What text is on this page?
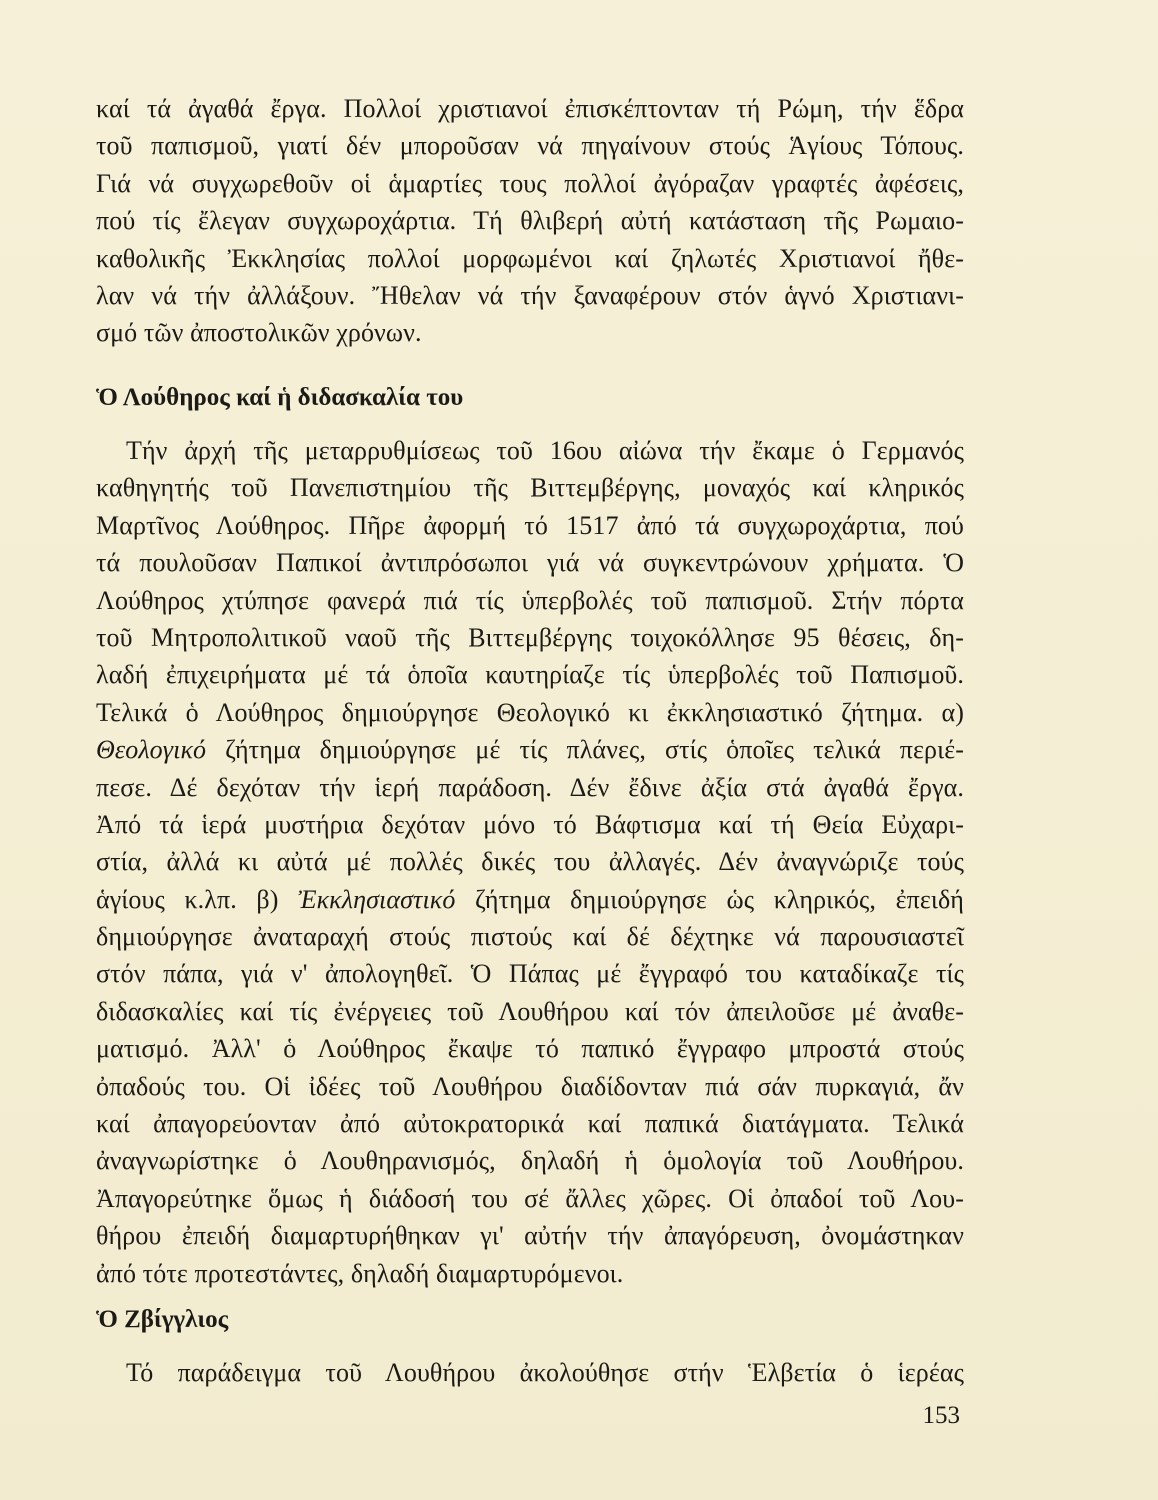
καί τά ἀγαθά ἔργα. Πολλοί χριστιανοί ἐπισκέπτονταν τή Ρώμη, τήν ἕδρα
τοῦ παπισμοῦ, γιατί δέν μποροῦσαν νά πηγαίνουν στούς Ἁγίους Τόπους.
Γιά νά συγχωρεθοῦν οἱ ἁμαρτίες τους πολλοί ἀγόραζαν γραφτές ἀφέσεις,
πού τίς ἔλεγαν συγχωροχάρτια. Τή θλιβερή αὐτή κατάσταση τῆς Ρωμαιο-
καθολικῆς Ἐκκλησίας πολλοί μορφωμένοι καί ζηλωτές Χριστιανοί ἤθε-
λαν νά τήν ἀλλάξουν. Ἤθελαν νά τήν ξαναφέρουν στόν ἁγνό Χριστιανι-
σμό τῶν ἀποστολικῶν χρόνων.
Ὁ Λούθηρος καί ἡ διδασκαλία του
Τήν ἀρχή τῆς μεταρρυθμίσεως τοῦ 16ου αἰώνα τήν ἔκαμε ὁ Γερμανός
καθηγητής τοῦ Πανεπιστημίου τῆς Βιττεμβέργης, μοναχός καί κληρικός
Μαρτῖνος Λούθηρος. Πῆρε ἀφορμή τό 1517 ἀπό τά συγχωροχάρτια, πού
τά πουλοῦσαν Παπικοί ἀντιπρόσωποι γιά νά συγκεντρώνουν χρήματα. Ὁ
Λούθηρος χτύπησε φανερά πιά τίς ὑπερβολές τοῦ παπισμοῦ. Στήν πόρτα
τοῦ Μητροπολιτικοῦ ναοῦ τῆς Βιττεμβέργης τοιχοκόλλησε 95 θέσεις, δη-
λαδή ἐπιχειρήματα μέ τά ὁποῖα καυτηρίαζε τίς ὑπερβολές τοῦ Παπισμοῦ.
Τελικά ὁ Λούθηρος δημιούργησε Θεολογικό κι ἐκκλησιαστικό ζήτημα. α)
Θεολογικό ζήτημα δημιούργησε μέ τίς πλάνες, στίς ὁποῖες τελικά περιέ-
πεσε. Δέ δεχόταν τήν ἱερή παράδοση. Δέν ἔδινε ἀξία στά ἀγαθά ἔργα.
Ἀπό τά ἱερά μυστήρια δεχόταν μόνο τό Βάφτισμα καί τή Θεία Εὐχαρι-
στία, ἀλλά κι αὐτά μέ πολλές δικές του ἀλλαγές. Δέν ἀναγνώριζε τούς
ἁγίους κ.λπ. β) Ἐκκλησιαστικό ζήτημα δημιούργησε ὡς κληρικός, ἐπειδή
δημιούργησε ἀναταραχή στούς πιστούς καί δέ δέχτηκε νά παρουσιαστεῖ
στόν πάπα, γιά ν' ἀπολογηθεῖ. Ὁ Πάπας μέ ἔγγραφό του καταδίκαζε τίς
διδασκαλίες καί τίς ἐνέργειες τοῦ Λουθήρου καί τόν ἀπειλοῦσε μέ ἀναθε-
ματισμό. Ἀλλ' ὁ Λούθηρος ἔκαψε τό παπικό ἔγγραφο μπροστά στούς
ὀπαδούς του. Οἱ ἰδέες τοῦ Λουθήρου διαδίδονταν πιά σάν πυρκαγιά, ἄν
καί ἀπαγορεύονταν ἀπό αὐτοκρατορικά καί παπικά διατάγματα. Τελικά
ἀναγνωρίστηκε ὁ Λουθηρανισμός, δηλαδή ἡ ὁμολογία τοῦ Λουθήρου.
Ἀπαγορεύτηκε ὅμως ἡ διάδοσή του σέ ἄλλες χῶρες. Οἱ ὀπαδοί τοῦ Λου-
θήρου ἐπειδή διαμαρτυρήθηκαν γι' αὐτήν τήν ἀπαγόρευση, ὀνομάστηκαν
ἀπό τότε προτεστάντες, δηλαδή διαμαρτυρόμενοι.
Ὁ Ζβίγγλιος
Τό παράδειγμα τοῦ Λουθήρου ἀκολούθησε στήν Ἑλβετία ὁ ἱερέας
153
